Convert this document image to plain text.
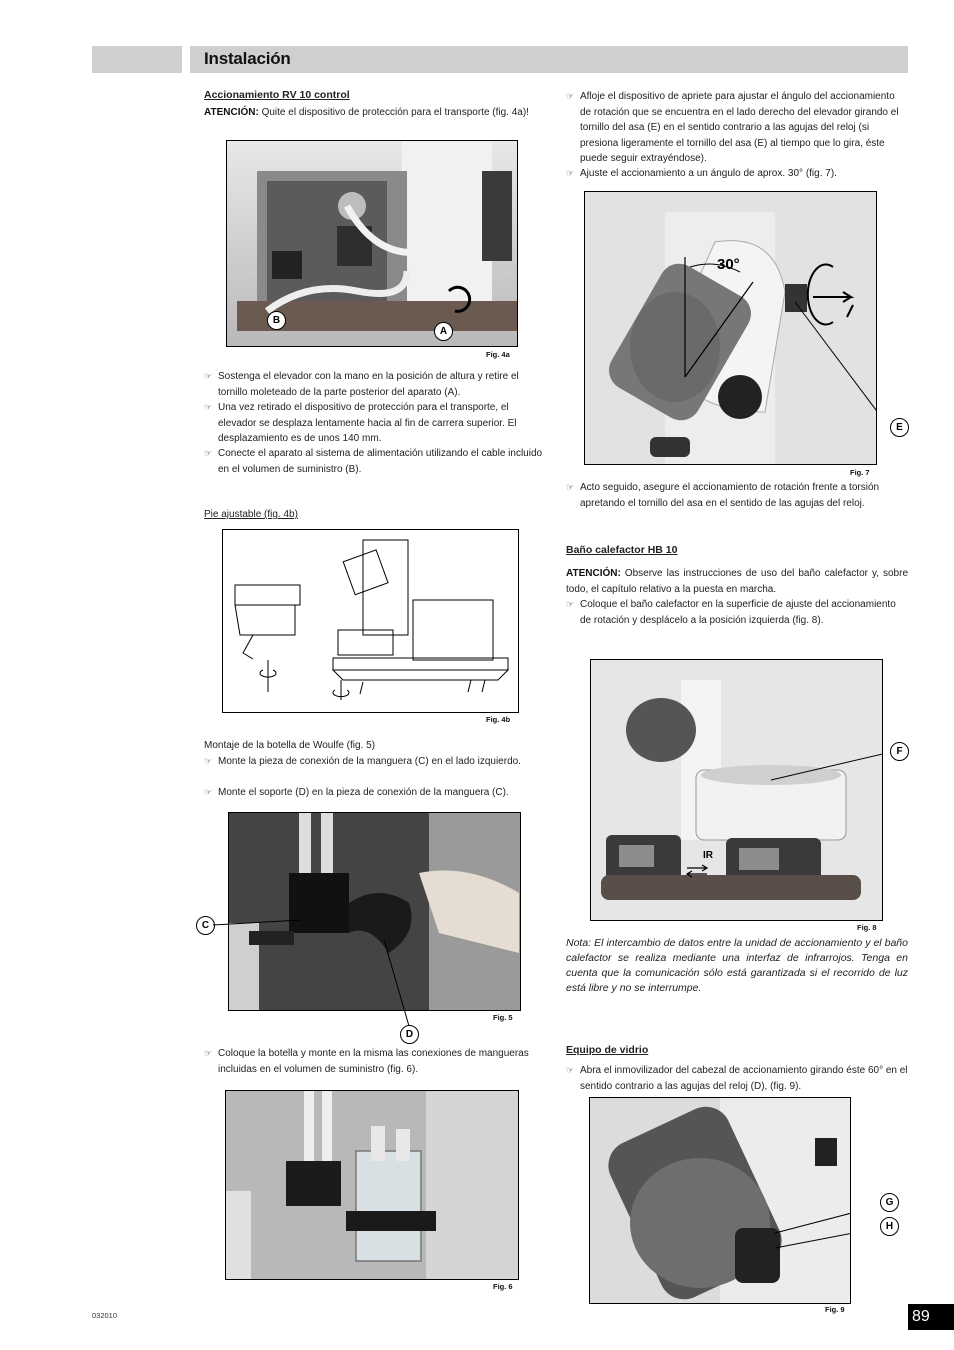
Instalación
Accionamiento RV 10 control
ATENCIÓN: Quite el dispositivo de protección para el transporte (fig. 4a)!
B
A
Fig. 4a
☞ Sostenga el elevador con la mano en la posición de altura y retire el tornillo moleteado de la parte posterior del aparato (A).
☞ Una vez retirado el dispositivo de protección para el transporte, el elevador se desplaza lentamente hacia al fin de carrera superior. El desplazamiento es de unos 140 mm.
☞ Conecte el aparato al sistema de alimentación utilizando el cable incluido en el volumen de suministro (B).
Pie ajustable (fig. 4b)
Fig. 4b
Montaje de la botella de Woulfe (fig. 5)
☞ Monte la pieza de conexión de la manguera (C) en el lado izquierdo.
☞ Monte el soporte (D) en la pieza de conexión de la manguera (C).
C
Fig. 5
D
☞ Coloque la botella y monte en la misma las conexiones de mangueras incluidas en el volumen de suministro (fig. 6).
Fig. 6
☞ Afloje el dispositivo de apriete para ajustar el ángulo del accionamiento de rotación que se encuentra en el lado derecho del elevador girando el tornillo del asa (E) en el sentido contrario a las agujas del reloj (si presiona ligeramente el tornillo del asa (E) al tiempo que lo gira, éste puede seguir extrayéndose).
☞ Ajuste el accionamiento a un ángulo de aprox. 30° (fig. 7).
30°
E
Fig. 7
☞ Acto seguido, asegure el accionamiento de rotación frente a torsión apretando el tornillo del asa en el sentido de las agujas del reloj.
Baño calefactor HB 10
ATENCIÓN: Observe las instrucciones de uso del baño calefactor y, sobre todo, el capítulo relativo a la puesta en marcha.
☞ Coloque el baño calefactor en la superficie de ajuste del accionamiento de rotación y desplácelo a la posición izquierda (fig. 8).
IR
F
Fig. 8
Nota: El intercambio de datos entre la unidad de accionamiento y el baño calefactor se realiza mediante una interfaz de infrarrojos. Tenga en cuenta que la comunicación sólo está garantizada si el recorrido de luz está libre y no se interrumpe.
Equipo de vidrio
☞ Abra el inmovilizador del cabezal de accionamiento girando éste 60° en el sentido contrario a las agujas del reloj (D), (fig. 9).
G
H
Fig. 9
032010	89
